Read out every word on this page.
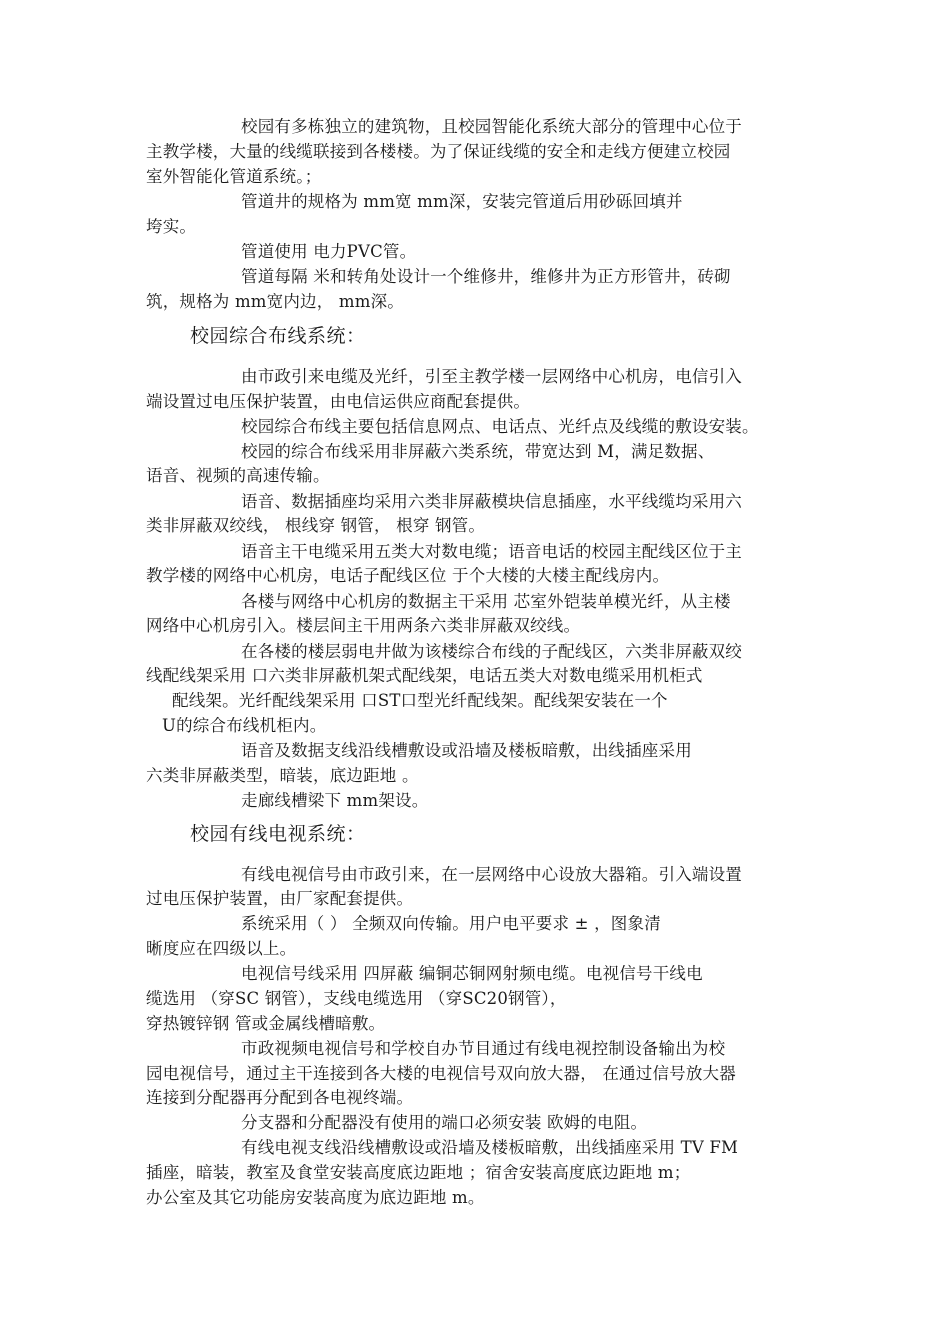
校园有多栋独立的建筑物，且校园智能化系统大部分的管理中心位于
主教学楼，大量的线缆联接到各楼楼。为了保证线缆的安全和走线方便建立校园
室外智能化管道系统。；
管道井的规格为 mm宽 mm深，安装完管道后用砂砾回填并
垮实。
管道使用 电力PVC管。
管道每隔 米和转角处设计一个维修井，维修井为正方形管井，砖砌
筑，规格为 mm宽内边， mm深。
校园综合布线系统：
由市政引来电缆及光纤，引至主教学楼一层网络中心机房，电信引入
端设置过电压保护装置，由电信运供应商配套提供。
校园综合布线主要包括信息网点、电话点、光纤点及线缆的敷设安装。
校园的综合布线采用非屏蔽六类系统，带宽达到 M，满足数据、
语音、视频的高速传输。
语音、数据插座均采用六类非屏蔽模块信息插座，水平线缆均采用六
类非屏蔽双绞线， 根线穿 钢管， 根穿 钢管。
语音主干电缆采用五类大对数电缆；语音电话的校园主配线区位于主
教学楼的网络中心机房，电话子配线区位 于个大楼的大楼主配线房内。
各楼与网络中心机房的数据主干采用 芯室外铠装单模光纤，从主楼
网络中心机房引入。楼层间主干用两条六类非屏蔽双绞线。
在各楼的楼层弱电井做为该楼综合布线的子配线区，六类非屏蔽双绞
线配线架采用 口六类非屏蔽机架式配线架，电话五类大对数电缆采用机柜式
配线架。光纤配线架采用 口ST口型光纤配线架。配线架安装在一个
U的综合布线机柜内。
语音及数据支线沿线槽敷设或沿墙及楼板暗敷，出线插座采用
六类非屏蔽类型，暗装，底边距地 。
走廊线槽梁下 mm架设。
校园有线电视系统：
有线电视信号由市政引来，在一层网络中心设放大器箱。引入端设置
过电压保护装置，由厂家配套提供。
系统采用（ ） 全频双向传输。用户电平要求 ± ，图象清
晰度应在四级以上。
电视信号线采用 四屏蔽 编铜芯铜网射频电缆。电视信号干线电
缆选用 （穿SC 钢管），支线电缆选用 （穿SC20钢管），
穿热镀锌钢 管或金属线槽暗敷。
市政视频电视信号和学校自办节目通过有线电视控制设备输出为校
园电视信号，通过主干连接到各大楼的电视信号双向放大器， 在通过信号放大器
连接到分配器再分配到各电视终端。
分支器和分配器没有使用的端口必须安装 欧姆的电阻。
有线电视支线沿线槽敷设或沿墙及楼板暗敷，出线插座采用 TV FM
插座，暗装，教室及食堂安装高度底边距地 ；宿舍安装高度底边距地 m；
办公室及其它功能房安装高度为底边距地 m。
